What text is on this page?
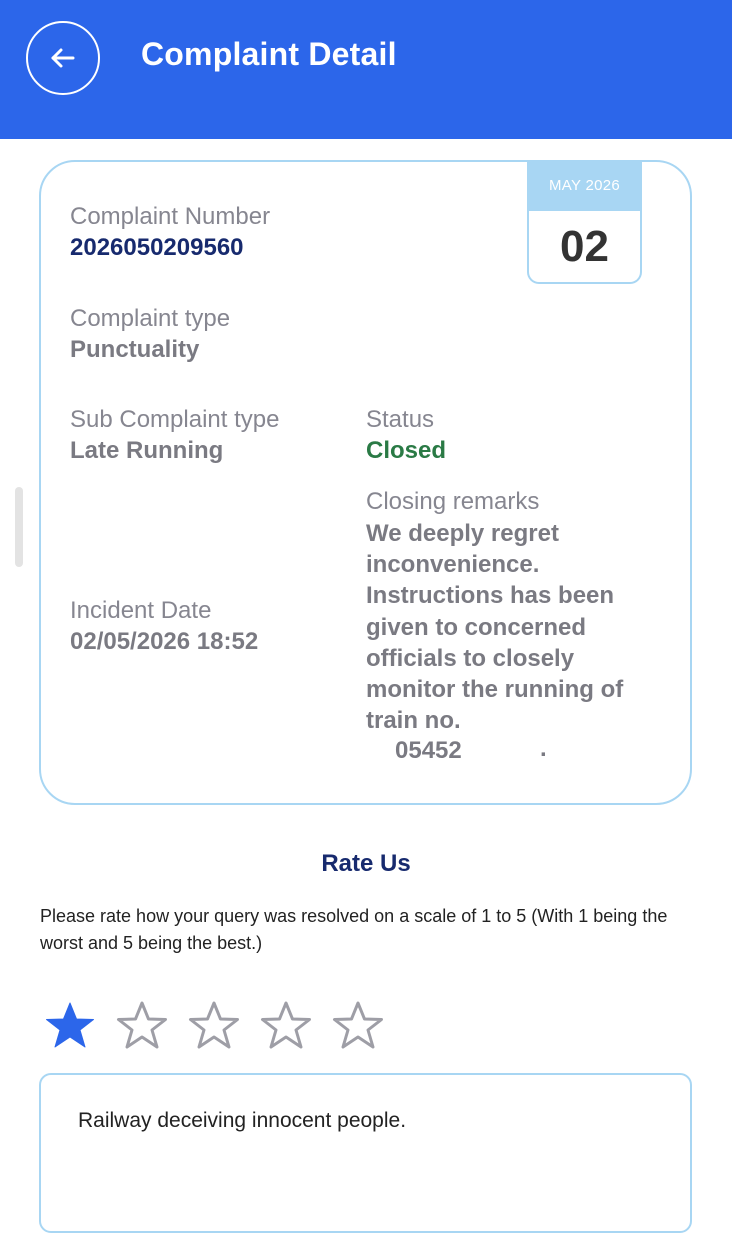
Complaint Detail
MAY 2026
02
Complaint Number
2026050209560
Complaint type
Punctuality
Sub Complaint type
Late Running
Status
Closed
Closing remarks
We deeply regret inconvenience. Instructions has been given to concerned officials to closely monitor the running of train no.
05452	.
Incident Date
02/05/2026 18:52
Rate Us
Please rate how your query was resolved on a scale of 1 to 5 (With 1 being the worst and 5 being the best.)
Railway deceiving innocent people.
